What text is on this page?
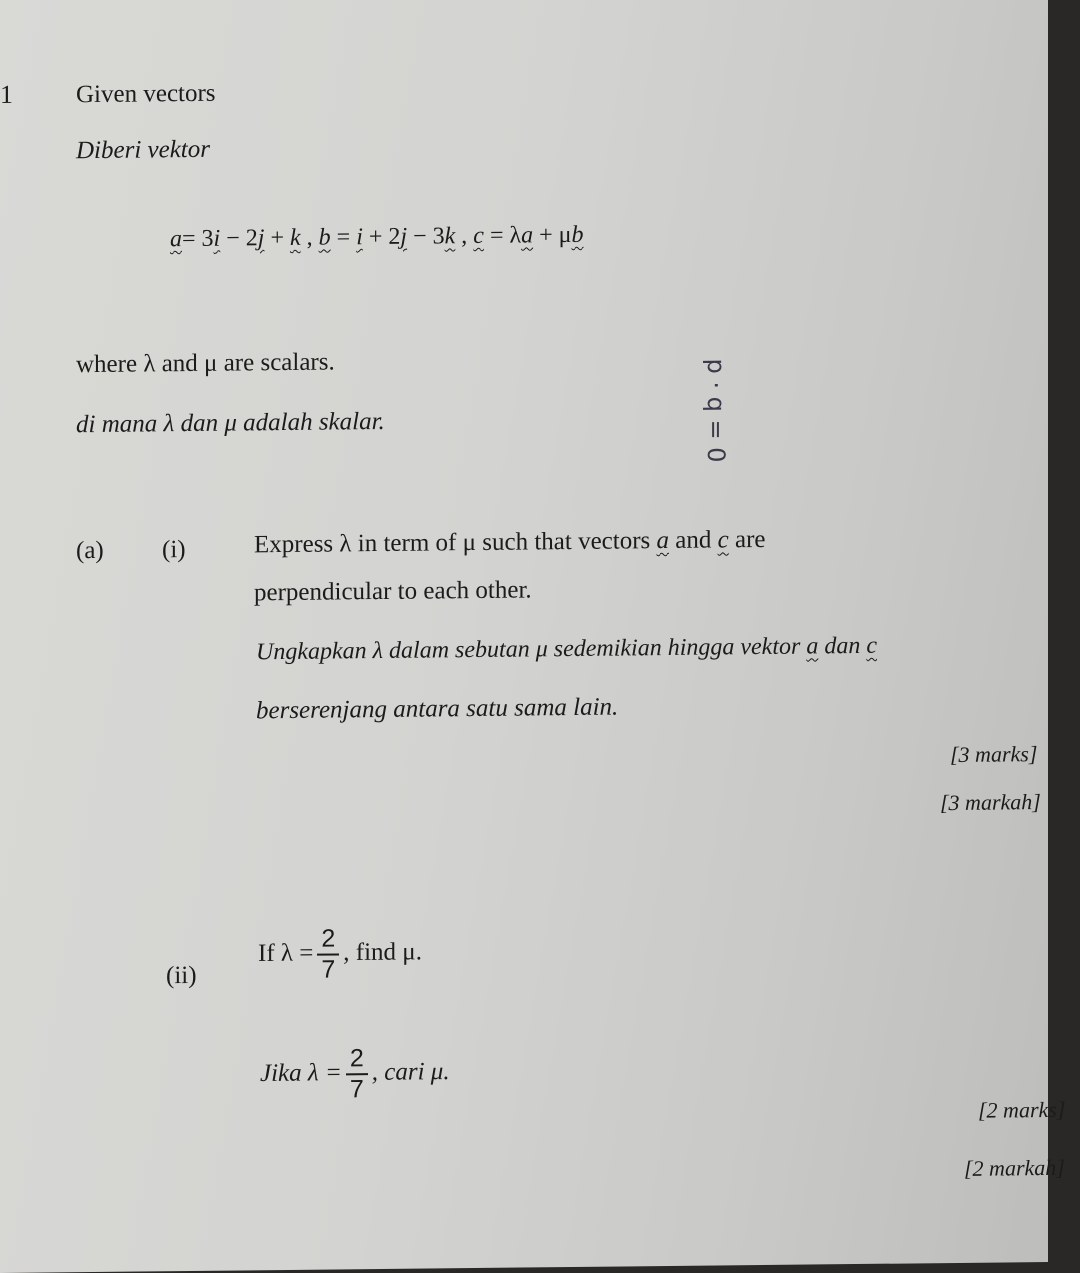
1	Given vectors
Diberi vektor
a= 3i − 2j + k , b = i + 2j − 3k , c = λa + μb
where λ and μ are scalars.
di mana λ dan μ adalah skalar.	p · q = 0
(a) (i)	Express λ in term of μ such that vectors a and c are
perpendicular to each other.
Ungkapkan λ dalam sebutan μ sedemikian hingga vektor a dan c
berserenjang antara satu sama lain.
[3 marks]
[3 markah]
(ii)
If $\lambda = \frac{2}{7}$ , find μ.
Jika $\lambda = \frac{2}{7}$ , cari μ.
[2 marks]
[2 markah]
